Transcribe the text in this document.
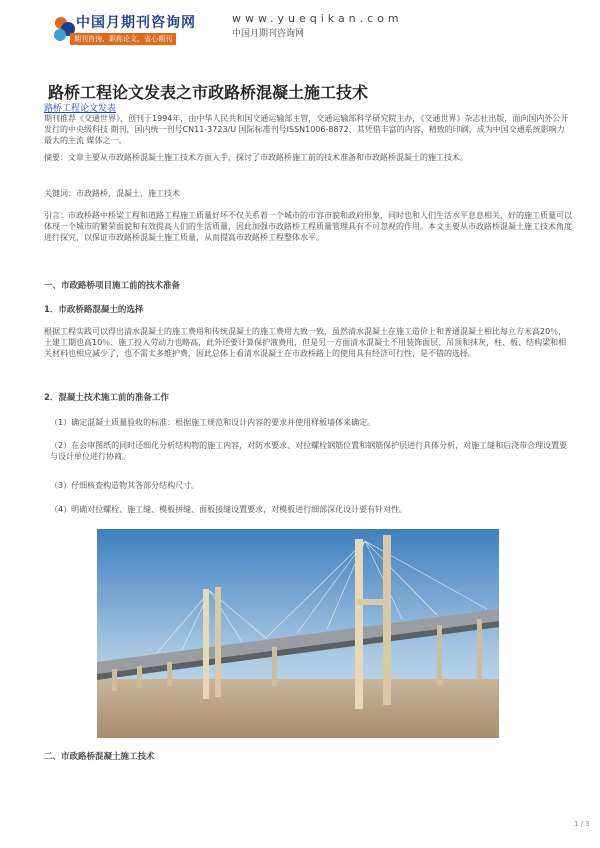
中国月期刊咨询网
期刊咨询、职称论文、省心期刊
www.yueqikan.com
中国月期刊咨询网
路桥工程论文发表之市政路桥混凝土施工技术
路桥工程论文发表

期刊推荐《交通世界》，创刊于1994年，由中华人民共和国交通运输部主管，交通运输部科学研究院主办，《交通世界》杂志社出版，面向国内外公开发行的中央级科技 期刊，国内统一刊号CN11-3723/U 国际标准刊号ISSN1006-8872，其凭借丰富的内容、精致的印刷，成为中国交通系统影响力最大的主流 媒体之一。

摘要：文章主要从市政路桥混凝土施工技术方面入手，探讨了市政路桥施工前的技术准备和市政路桥混凝土的施工技术。

关键词：市政路桥，混凝土，施工技术

引言：市政桥路中桥梁工程和道路工程施工质量好坏不仅关系着一个城市的市容市貌和政府形象，同时也和人们生活水平息息相关，好的施工质量可以体现一个城市的繁荣面貌和有效提高人们的生活质量，因此加强市政路桥工程质量管理具有不可忽视的作用。本文主要从市政路桥混凝土施工技术角度进行探究，以保证市政路桥混凝土施工质量，从而提高市政路桥工程整体水平。

一、市政路桥项目施工前的技术准备
1．市政桥路混凝土的选择

根据工程实践可以得出清水混凝土的施工费用和传统混凝土的施工费用大致一致，虽然清水混凝土在施工造价上和普通混凝土相比每立方米高20％，土建工期也高10％、施工投入劳动力也略高，此外还要计算保护液费用，但是另一方面清水混凝土不用装饰面层、吊顶和抹灰，柱、板、结构梁和相关材料也相应减少了，也不需太多维护费，因此总体上看清水混凝土在市政桥路上的使用具有经济可行性，是不错的选择。

2．混凝土技术施工前的准备工作

（1）确定混凝土质量验收的标准：根据施工规范和设计内容的要求并使用样板墙体来确定。

（2）在会审图纸的同时还细化分析结构物的施工内容，对防水要求、对拉螺栓钢筋位置和钢筋保护层进行具体分析，对施工缝和后浇带合理设置要与设计单位进行协商。

（3）仔细核查构造物其各部分结构尺寸。

（4）明确对拉螺栓、施工缝、模板拼缝、面板接缝设置要求，对模板进行细部深化设计要有针对性。

二、市政路桥混凝土施工技术
1 / 3
